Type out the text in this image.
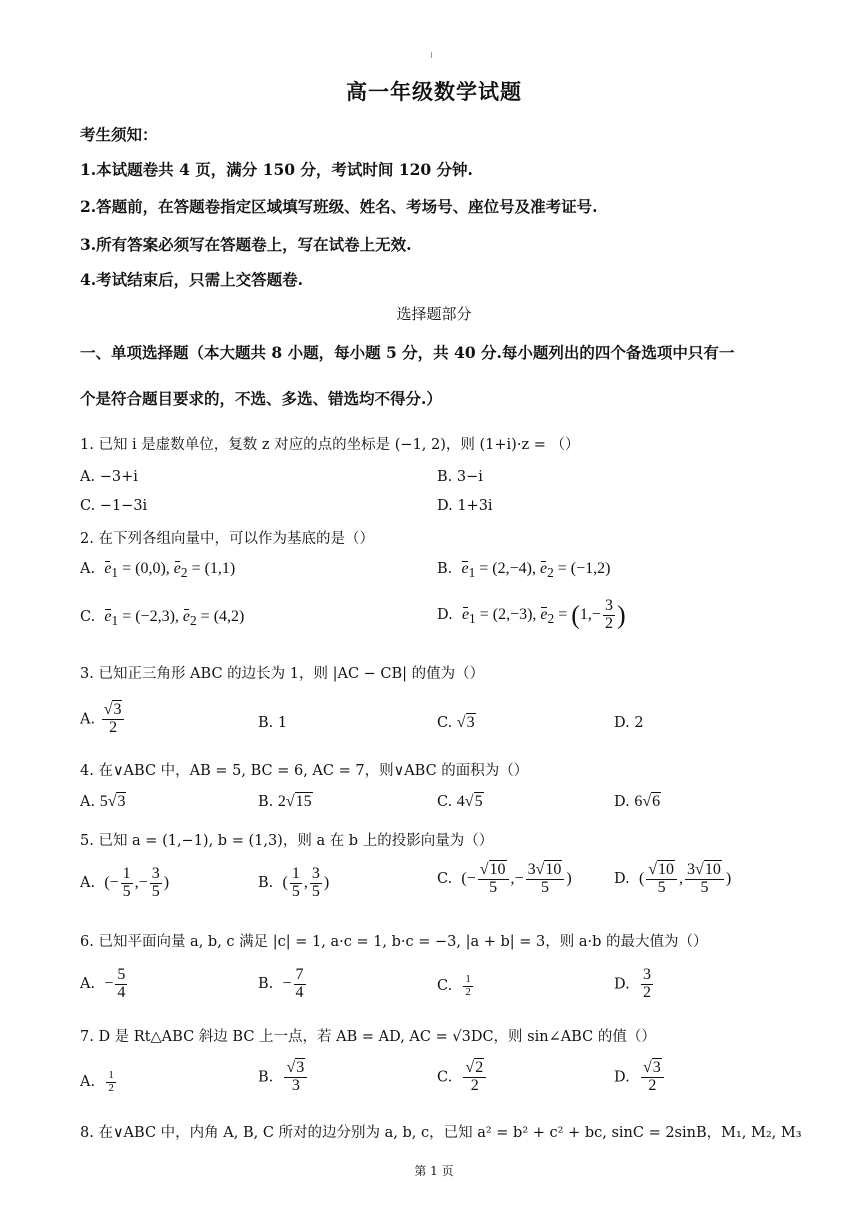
高一年级数学试题
考生须知：
1.本试题卷共 4 页，满分 150 分，考试时间 120 分钟.
2.答题前，在答题卷指定区域填写班级、姓名、考场号、座位号及准考证号.
3.所有答案必须写在答题卷上，写在试卷上无效.
4.考试结束后，只需上交答题卷.
选择题部分
一、单项选择题（本大题共 8 小题，每小题 5 分，共 40 分.每小题列出的四个备选项中只有一
个是符合题目要求的，不选、多选、错选均不得分.）
1. 已知 i 是虚数单位，复数 z 对应的点的坐标是 (−1, 2)，则 (1+i)·z = （）
A. −3+i	B. 3−i
C. −1−3i	D. 1+3i
2. 在下列各组向量中，可以作为基底的是（）
A. $e_1 = (0,0)$, $e_2 = (1,1)$	B. $e_1 = (2,-4)$, $e_2 = (-1,2)$
C. $e_1 = (-2,3)$, $e_2 = (4,2)$	D. $e_1 = (2,-3)$, $e_2 = (1,- \frac{3}{2}$ )
3. 已知正三角形 ABC 的边长为 1，则 |AC − CB| 的值为（）
A. $\frac{√3}{2}$	B. 1	C. √3	D. 2
4. 在∨ABC 中，AB = 5, BC = 6, AC = 7，则∨ABC 的面积为（）
A. 5√3	B. 2√15	C. 4√5	D. 6√6
5. 已知 a = (1,−1), b = (1,3)，则 a 在 b 上的投影向量为（）
A. (− $\frac{1}{5}$ ,− $\frac{3}{5}$ )	B. ( $\frac{1}{5}$ , $\frac{3}{5}$ )	C. (− $\frac{√10}{5}$ ,− $\frac{3√10}{5}$ )	D. ( $\frac{√10}{5}$ , $\frac{3√10}{5}$ )
6. 已知平面向量 a, b, c 满足 |c| = 1, a·c = 1, b·c = −3, |a + b| = 3，则 a·b 的最大值为（）
A. − $\frac{5}{4}$	B. − $\frac{7}{4}$	C. $\frac{1}{2}$	D. $\frac{3}{2}$
7. D 是 Rt△ABC 斜边 BC 上一点，若 AB = AD, AC = √3DC，则 sin∠ABC 的值（）
A. $\frac{1}{2}$	B. $\frac{√3}{3}$	C. $\frac{√2}{2}$	D. $\frac{√3}{2}$
8. 在∨ABC 中，内角 A, B, C 所对的边分别为 a, b, c，已知 a² = b² + c² + bc, sinC = 2sinB，M₁, M₂, M₃
第 1 页
